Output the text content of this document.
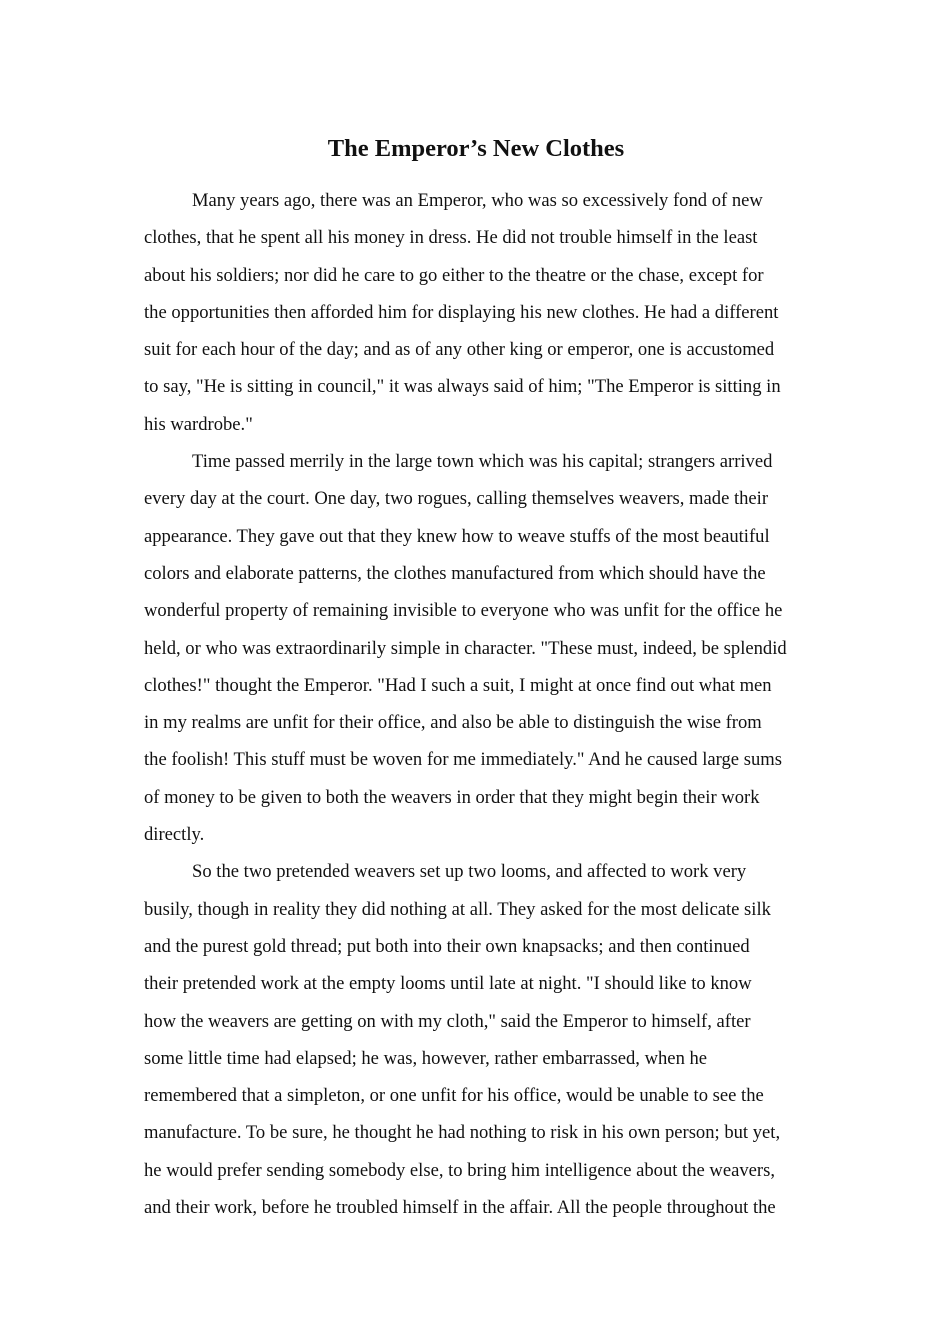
The Emperor’s New Clothes

Many years ago, there was an Emperor, who was so excessively fond of new
clothes, that he spent all his money in dress. He did not trouble himself in the least
about his soldiers; nor did he care to go either to the theatre or the chase, except for
the opportunities then afforded him for displaying his new clothes. He had a different
suit for each hour of the day; and as of any other king or emperor, one is accustomed
to say, "He is sitting in council," it was always said of him; "The Emperor is sitting in
his wardrobe."

Time passed merrily in the large town which was his capital; strangers arrived
every day at the court. One day, two rogues, calling themselves weavers, made their
appearance. They gave out that they knew how to weave stuffs of the most beautiful
colors and elaborate patterns, the clothes manufactured from which should have the
wonderful property of remaining invisible to everyone who was unfit for the office he
held, or who was extraordinarily simple in character. "These must, indeed, be splendid
clothes!" thought the Emperor. "Had I such a suit, I might at once find out what men
in my realms are unfit for their office, and also be able to distinguish the wise from
the foolish! This stuff must be woven for me immediately." And he caused large sums
of money to be given to both the weavers in order that they might begin their work
directly.

So the two pretended weavers set up two looms, and affected to work very
busily, though in reality they did nothing at all. They asked for the most delicate silk
and the purest gold thread; put both into their own knapsacks; and then continued
their pretended work at the empty looms until late at night. "I should like to know
how the weavers are getting on with my cloth," said the Emperor to himself, after
some little time had elapsed; he was, however, rather embarrassed, when he
remembered that a simpleton, or one unfit for his office, would be unable to see the
manufacture. To be sure, he thought he had nothing to risk in his own person; but yet,
he would prefer sending somebody else, to bring him intelligence about the weavers,
and their work, before he troubled himself in the affair. All the people throughout the
